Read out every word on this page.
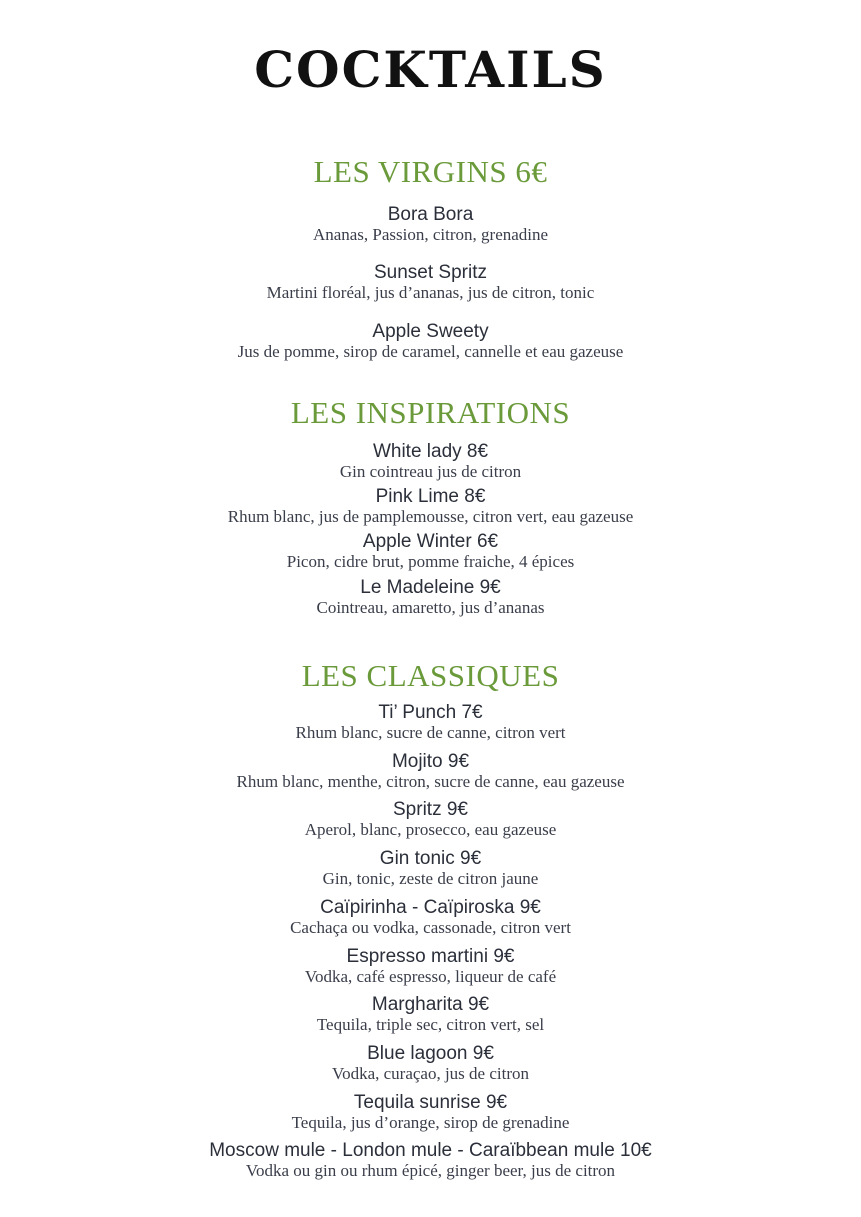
COCKTAILS
LES VIRGINS 6€
Bora Bora
Ananas, Passion, citron, grenadine
Sunset Spritz
Martini floréal, jus d’ananas, jus de citron, tonic
Apple Sweety
Jus de pomme, sirop de caramel, cannelle et eau gazeuse
LES INSPIRATIONS
White lady 8€
Gin cointreau jus de citron
Pink Lime 8€
Rhum blanc, jus de pamplemousse, citron vert, eau gazeuse
Apple Winter 6€
Picon, cidre brut, pomme fraiche, 4 épices
Le Madeleine 9€
Cointreau, amaretto, jus d’ananas
LES CLASSIQUES
Ti’ Punch 7€
Rhum blanc, sucre de canne, citron vert
Mojito 9€
Rhum blanc, menthe, citron, sucre de canne, eau gazeuse
Spritz 9€
Aperol, blanc, prosecco, eau gazeuse
Gin tonic 9€
Gin, tonic, zeste de citron jaune
Caïpirinha - Caïpiroska 9€
Cachaça ou vodka, cassonade, citron vert
Espresso martini 9€
Vodka, café espresso, liqueur de café
Margharita 9€
Tequila, triple sec, citron vert, sel
Blue lagoon 9€
Vodka, curaçao, jus de citron
Tequila sunrise 9€
Tequila, jus d’orange, sirop de grenadine
Moscow mule - London mule - Caraïbbean mule 10€
Vodka ou gin ou rhum épicé, ginger beer, jus de citron
